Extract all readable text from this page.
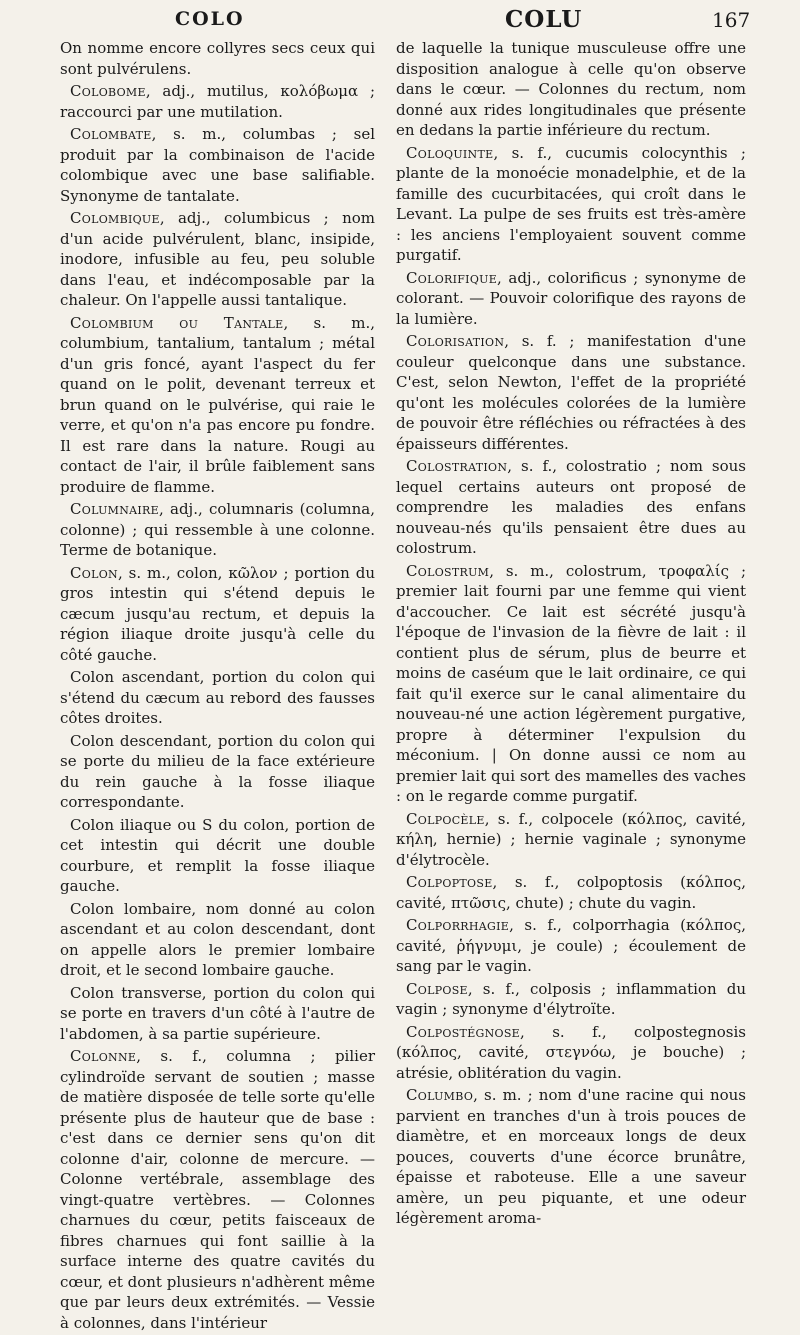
COLO	COLU	167

On nomme encore collyres secs ceux qui sont pulvérulens.

Colobome, adj., mutilus, κολόβωμα ; raccourci par une mutilation.

Colombate, s. m., columbas ; sel produit par la combinaison de l'acide colombique avec une base salifiable. Synonyme de tantalate.

Colombique, adj., columbicus ; nom d'un acide pulvérulent, blanc, insipide, inodore, infusible au feu, peu soluble dans l'eau, et indécomposable par la chaleur. On l'appelle aussi tantalique.

Colombium ou Tantale, s. m., columbium, tantalium, tantalum ; métal d'un gris foncé, ayant l'aspect du fer quand on le polit, devenant terreux et brun quand on le pulvérise, qui raie le verre, et qu'on n'a pas encore pu fondre. Il est rare dans la nature. Rougi au contact de l'air, il brûle faiblement sans produire de flamme.

Columnaire, adj., columnaris (columna, colonne) ; qui ressemble à une colonne. Terme de botanique.

Colon, s. m., colon, κῶλον ; portion du gros intestin qui s'étend depuis le cæcum jusqu'au rectum, et depuis la région iliaque droite jusqu'à celle du côté gauche.

Colon ascendant, portion du colon qui s'étend du cæcum au rebord des fausses côtes droites.

Colon descendant, portion du colon qui se porte du milieu de la face extérieure du rein gauche à la fosse iliaque correspondante.

Colon iliaque ou S du colon, portion de cet intestin qui décrit une double courbure, et remplit la fosse iliaque gauche.

Colon lombaire, nom donné au colon ascendant et au colon descendant, dont on appelle alors le premier lombaire droit, et le second lombaire gauche.

Colon transverse, portion du colon qui se porte en travers d'un côté à l'autre de l'abdomen, à sa partie supérieure.

Colonne, s. f., columna ; pilier cylindroïde servant de soutien ; masse de matière disposée de telle sorte qu'elle présente plus de hauteur que de base : c'est dans ce dernier sens qu'on dit colonne d'air, colonne de mercure. — Colonne vertébrale, assemblage des vingt-quatre vertèbres. — Colonnes charnues du cœur, petits faisceaux de fibres charnues qui font saillie à la surface interne des quatre cavités du cœur, et dont plusieurs n'adhèrent même que par leurs deux extrémités. — Vessie à colonnes, dans l'intérieur

de laquelle la tunique musculeuse offre une disposition analogue à celle qu'on observe dans le cœur. — Colonnes du rectum, nom donné aux rides longitudinales que présente en dedans la partie inférieure du rectum.

Coloquinte, s. f., cucumis colocynthis ; plante de la monoécie monadelphie, et de la famille des cucurbitacées, qui croît dans le Levant. La pulpe de ses fruits est très-amère : les anciens l'employaient souvent comme purgatif.

Colorifique, adj., colorificus ; synonyme de colorant. — Pouvoir colorifique des rayons de la lumière.

Colorisation, s. f. ; manifestation d'une couleur quelconque dans une substance. C'est, selon Newton, l'effet de la propriété qu'ont les molécules colorées de la lumière de pouvoir être réfléchies ou réfractées à des épaisseurs différentes.

Colostration, s. f., colostratio ; nom sous lequel certains auteurs ont proposé de comprendre les maladies des enfans nouveau-nés qu'ils pensaient être dues au colostrum.

Colostrum, s. m., colostrum, τροφαλίς ; premier lait fourni par une femme qui vient d'accoucher. Ce lait est sécrété jusqu'à l'époque de l'invasion de la fièvre de lait : il contient plus de sérum, plus de beurre et moins de caséum que le lait ordinaire, ce qui fait qu'il exerce sur le canal alimentaire du nouveau-né une action légèrement purgative, propre à déterminer l'expulsion du méconium. | On donne aussi ce nom au premier lait qui sort des mamelles des vaches : on le regarde comme purgatif.

Colpocèle, s. f., colpocele (κόλπος, cavité, κήλη, hernie) ; hernie vaginale ; synonyme d'élytrocèle.

Colpoptose, s. f., colpoptosis (κόλπος, cavité, πτῶσις, chute) ; chute du vagin.

Colporrhagie, s. f., colporrhagia (κόλπος, cavité, ῥήγνυμι, je coule) ; écoulement de sang par le vagin.

Colpose, s. f., colposis ; inflammation du vagin ; synonyme d'élytroïte.

Colpostégnose, s. f., colpostegnosis (κόλπος, cavité, στεγνόω, je bouche) ; atrésie, oblitération du vagin.

Columbo, s. m. ; nom d'une racine qui nous parvient en tranches d'un à trois pouces de diamètre, et en morceaux longs de deux pouces, couverts d'une écorce brunâtre, épaisse et raboteuse. Elle a une saveur amère, un peu piquante, et une odeur légèrement aroma-
